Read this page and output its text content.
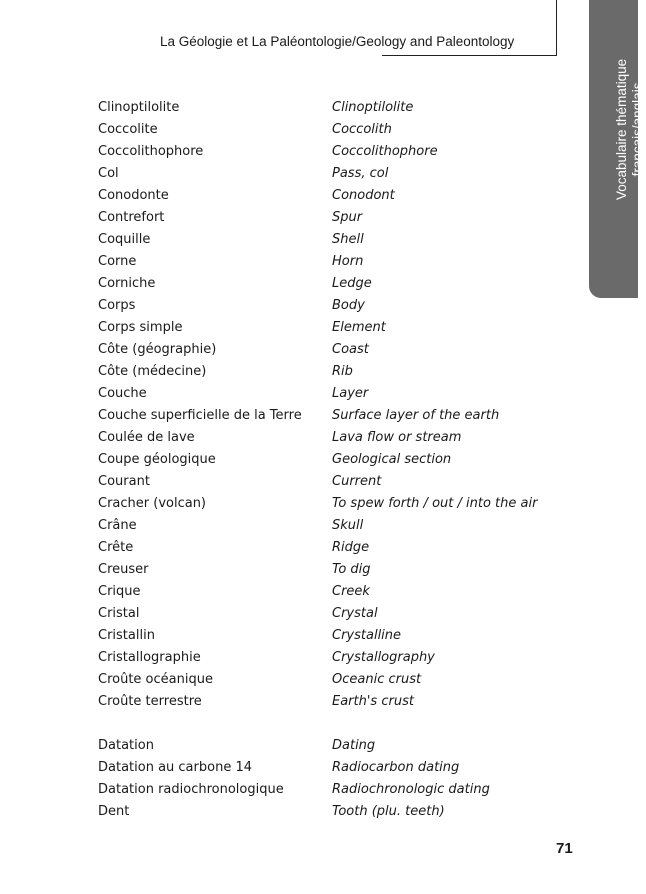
La Géologie et La Paléontologie/Geology and Paleontology
Vocabulaire thématique français/anglais
Clinoptilolite	Clinoptilolite
Coccolite	Coccolith
Coccolithophore	Coccolithophore
Col	Pass, col
Conodonte	Conodont
Contrefort	Spur
Coquille	Shell
Corne	Horn
Corniche	Ledge
Corps	Body
Corps simple	Element
Côte (géographie)	Coast
Côte (médecine)	Rib
Couche	Layer
Couche superficielle de la Terre	Surface layer of the earth
Coulée de lave	Lava flow or stream
Coupe géologique	Geological section
Courant	Current
Cracher (volcan)	To spew forth / out / into the air
Crâne	Skull
Crête	Ridge
Creuser	To dig
Crique	Creek
Cristal	Crystal
Cristallin	Crystalline
Cristallographie	Crystallography
Croûte océanique	Oceanic crust
Croûte terrestre	Earth's crust
Datation	Dating
Datation au carbone 14	Radiocarbon dating
Datation radiochronologique	Radiochronologic dating
Dent	Tooth (plu. teeth)
71
